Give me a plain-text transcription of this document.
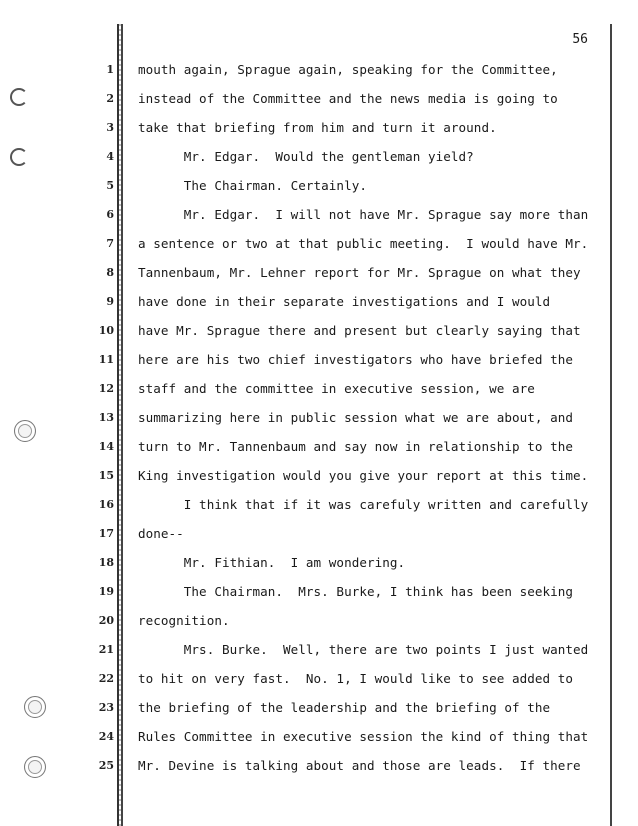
56
1 mouth again, Sprague again, speaking for the Committee,
2 instead of the Committee and the news media is going to
3 take that briefing from him and turn it around.
4 Mr. Edgar.  Would the gentleman yield?
5 The Chairman. Certainly.
6 Mr. Edgar.  I will not have Mr. Sprague say more than
7 a sentence or two at that public meeting.  I would have Mr.
8 Tannenbaum, Mr. Lehner report for Mr. Sprague on what they
9 have done in their separate investigations and I would
10 have Mr. Sprague there and present but clearly saying that
11 here are his two chief investigators who have briefed the
12 staff and the committee in executive session, we are
13 summarizing here in public session what we are about, and
14 turn to Mr. Tannenbaum and say now in relationship to the
15 King investigation would you give your report at this time.
16 I think that if it was carefuly written and carefully
17 done--
18 Mr. Fithian.  I am wondering.
19 The Chairman.  Mrs. Burke, I think has been seeking
20 recognition.
21 Mrs. Burke.  Well, there are two points I just wanted
22 to hit on very fast.  No. 1, I would like to see added to
23 the briefing of the leadership and the briefing of the
24 Rules Committee in executive session the kind of thing that
25 Mr. Devine is talking about and those are leads.  If there
